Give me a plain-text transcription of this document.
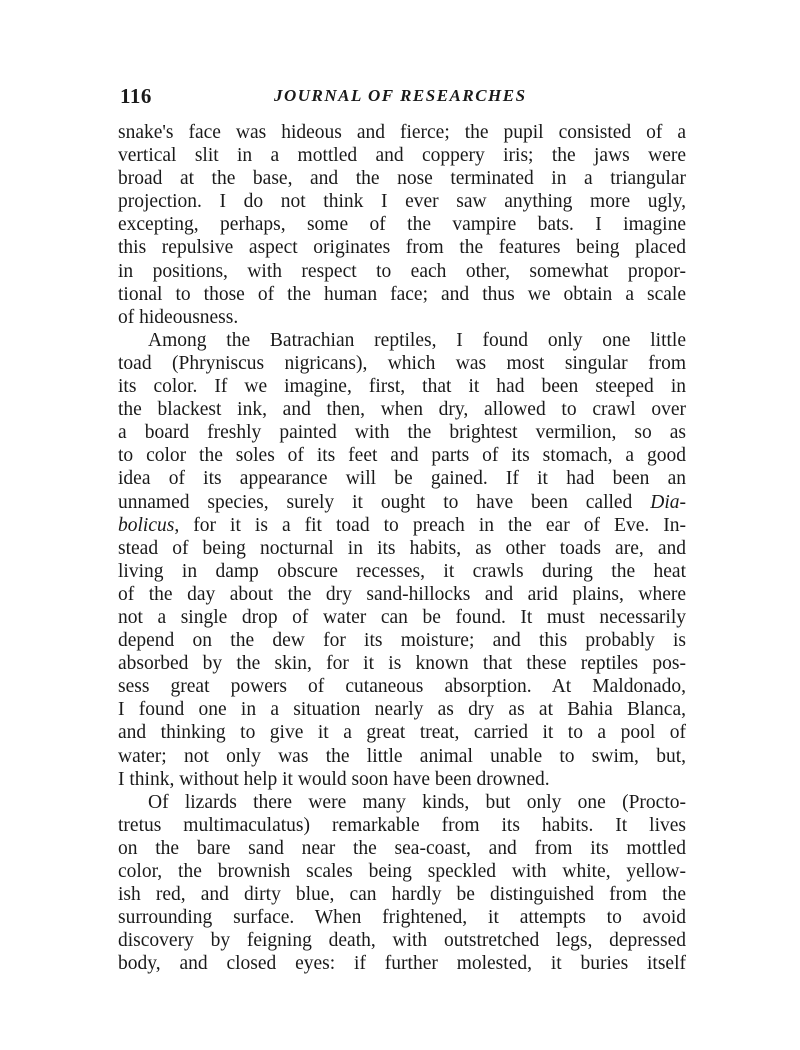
116	JOURNAL OF RESEARCHES
snake's face was hideous and fierce; the pupil consisted of a
vertical slit in a mottled and coppery iris; the jaws were
broad at the base, and the nose terminated in a triangular
projection. I do not think I ever saw anything more ugly,
excepting, perhaps, some of the vampire bats. I imagine
this repulsive aspect originates from the features being placed
in positions, with respect to each other, somewhat propor-
tional to those of the human face; and thus we obtain a scale
of hideousness.
Among the Batrachian reptiles, I found only one little
toad (Phryniscus nigricans), which was most singular from
its color. If we imagine, first, that it had been steeped in
the blackest ink, and then, when dry, allowed to crawl over
a board freshly painted with the brightest vermilion, so as
to color the soles of its feet and parts of its stomach, a good
idea of its appearance will be gained. If it had been an
unnamed species, surely it ought to have been called Dia-
bolicus, for it is a fit toad to preach in the ear of Eve. In-
stead of being nocturnal in its habits, as other toads are, and
living in damp obscure recesses, it crawls during the heat
of the day about the dry sand-hillocks and arid plains, where
not a single drop of water can be found. It must necessarily
depend on the dew for its moisture; and this probably is
absorbed by the skin, for it is known that these reptiles pos-
sess great powers of cutaneous absorption. At Maldonado,
I found one in a situation nearly as dry as at Bahia Blanca,
and thinking to give it a great treat, carried it to a pool of
water; not only was the little animal unable to swim, but,
I think, without help it would soon have been drowned.
Of lizards there were many kinds, but only one (Procto-
tretus multimaculatus) remarkable from its habits. It lives
on the bare sand near the sea-coast, and from its mottled
color, the brownish scales being speckled with white, yellow-
ish red, and dirty blue, can hardly be distinguished from the
surrounding surface. When frightened, it attempts to avoid
discovery by feigning death, with outstretched legs, depressed
body, and closed eyes: if further molested, it buries itself
